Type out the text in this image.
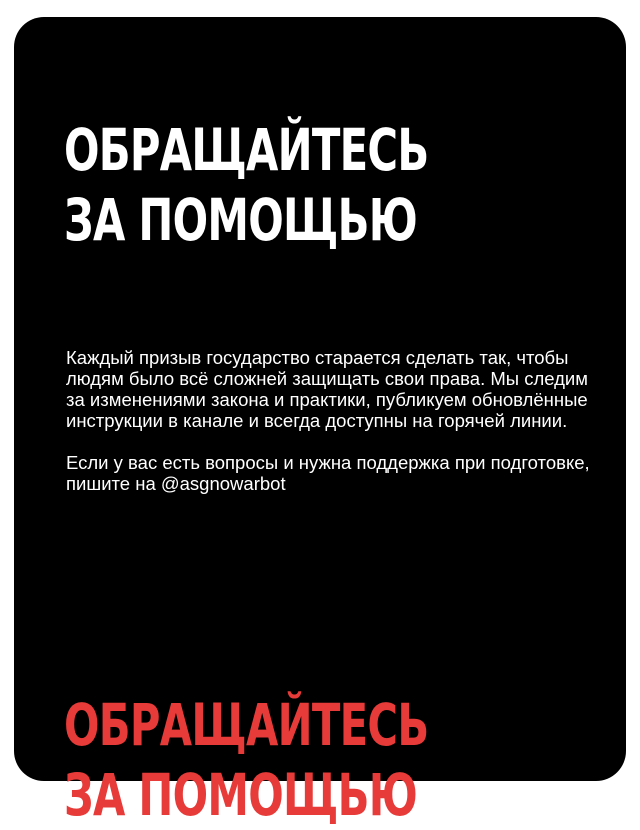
ОБРАЩАЙТЕСЬ
ЗА ПОМОЩЬЮ

Каждый призыв государство старается сделать так, чтобы людям было всё сложней защищать свои права. Мы следим за изменениями закона и практики, публикуем обновлённые инструкции в канале и всегда доступны на горячей линии.

Если у вас есть вопросы и нужна поддержка при подготовке, пишите на @asgnowarbot

ОБРАЩАЙТЕСЬ
ЗА ПОМОЩЬЮ
